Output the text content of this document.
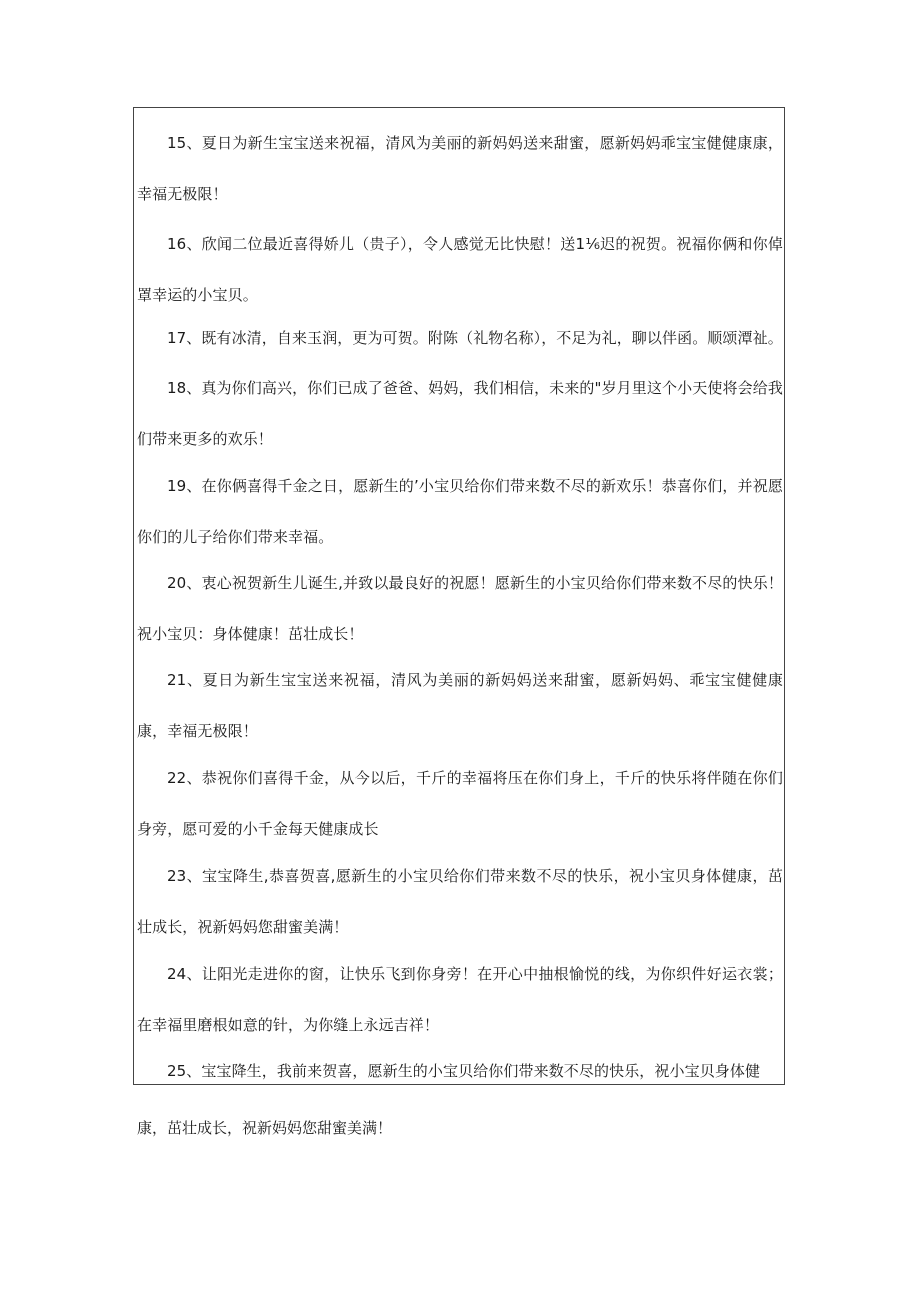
15、夏日为新生宝宝送来祝福，清风为美丽的新妈妈送来甜蜜，愿新妈妈乖宝宝健健康康，幸福无极限！

16、欣闻二位最近喜得娇儿（贵子），令人感觉无比快慰！送1⅙迟的祝贺。祝福你俩和你倬罩幸运的小宝贝。

17、既有冰清，自来玉润，更为可贺。附陈（礼物名称），不足为礼，聊以伴函。顺颂潭祉。

18、真为你们高兴，你们已成了爸爸、妈妈，我们相信，未来的"岁月里这个小天使将会给我们带来更多的欢乐！

19、在你俩喜得千金之日，愿新生的’小宝贝给你们带来数不尽的新欢乐！恭喜你们，并祝愿你们的儿子给你们带来幸福。

20、衷心祝贺新生儿诞生,并致以最良好的祝愿！愿新生的小宝贝给你们带来数不尽的快乐！祝小宝贝：身体健康！茁壮成长！

21、夏日为新生宝宝送来祝福，清风为美丽的新妈妈送来甜蜜，愿新妈妈、乖宝宝健健康康，幸福无极限！

22、恭祝你们喜得千金，从今以后，千斤的幸福将压在你们身上，千斤的快乐将伴随在你们身旁，愿可爱的小千金每天健康成长

23、宝宝降生,恭喜贺喜,愿新生的小宝贝给你们带来数不尽的快乐，祝小宝贝身体健康，茁壮成长，祝新妈妈您甜蜜美满！

24、让阳光走进你的窗，让快乐飞到你身旁！在开心中抽根愉悦的线，为你织件好运衣裳；在幸福里磨根如意的针，为你缝上永远吉祥！

25、宝宝降生，我前来贺喜，愿新生的小宝贝给你们带来数不尽的快乐，祝小宝贝身体健

康，茁壮成长，祝新妈妈您甜蜜美满！
